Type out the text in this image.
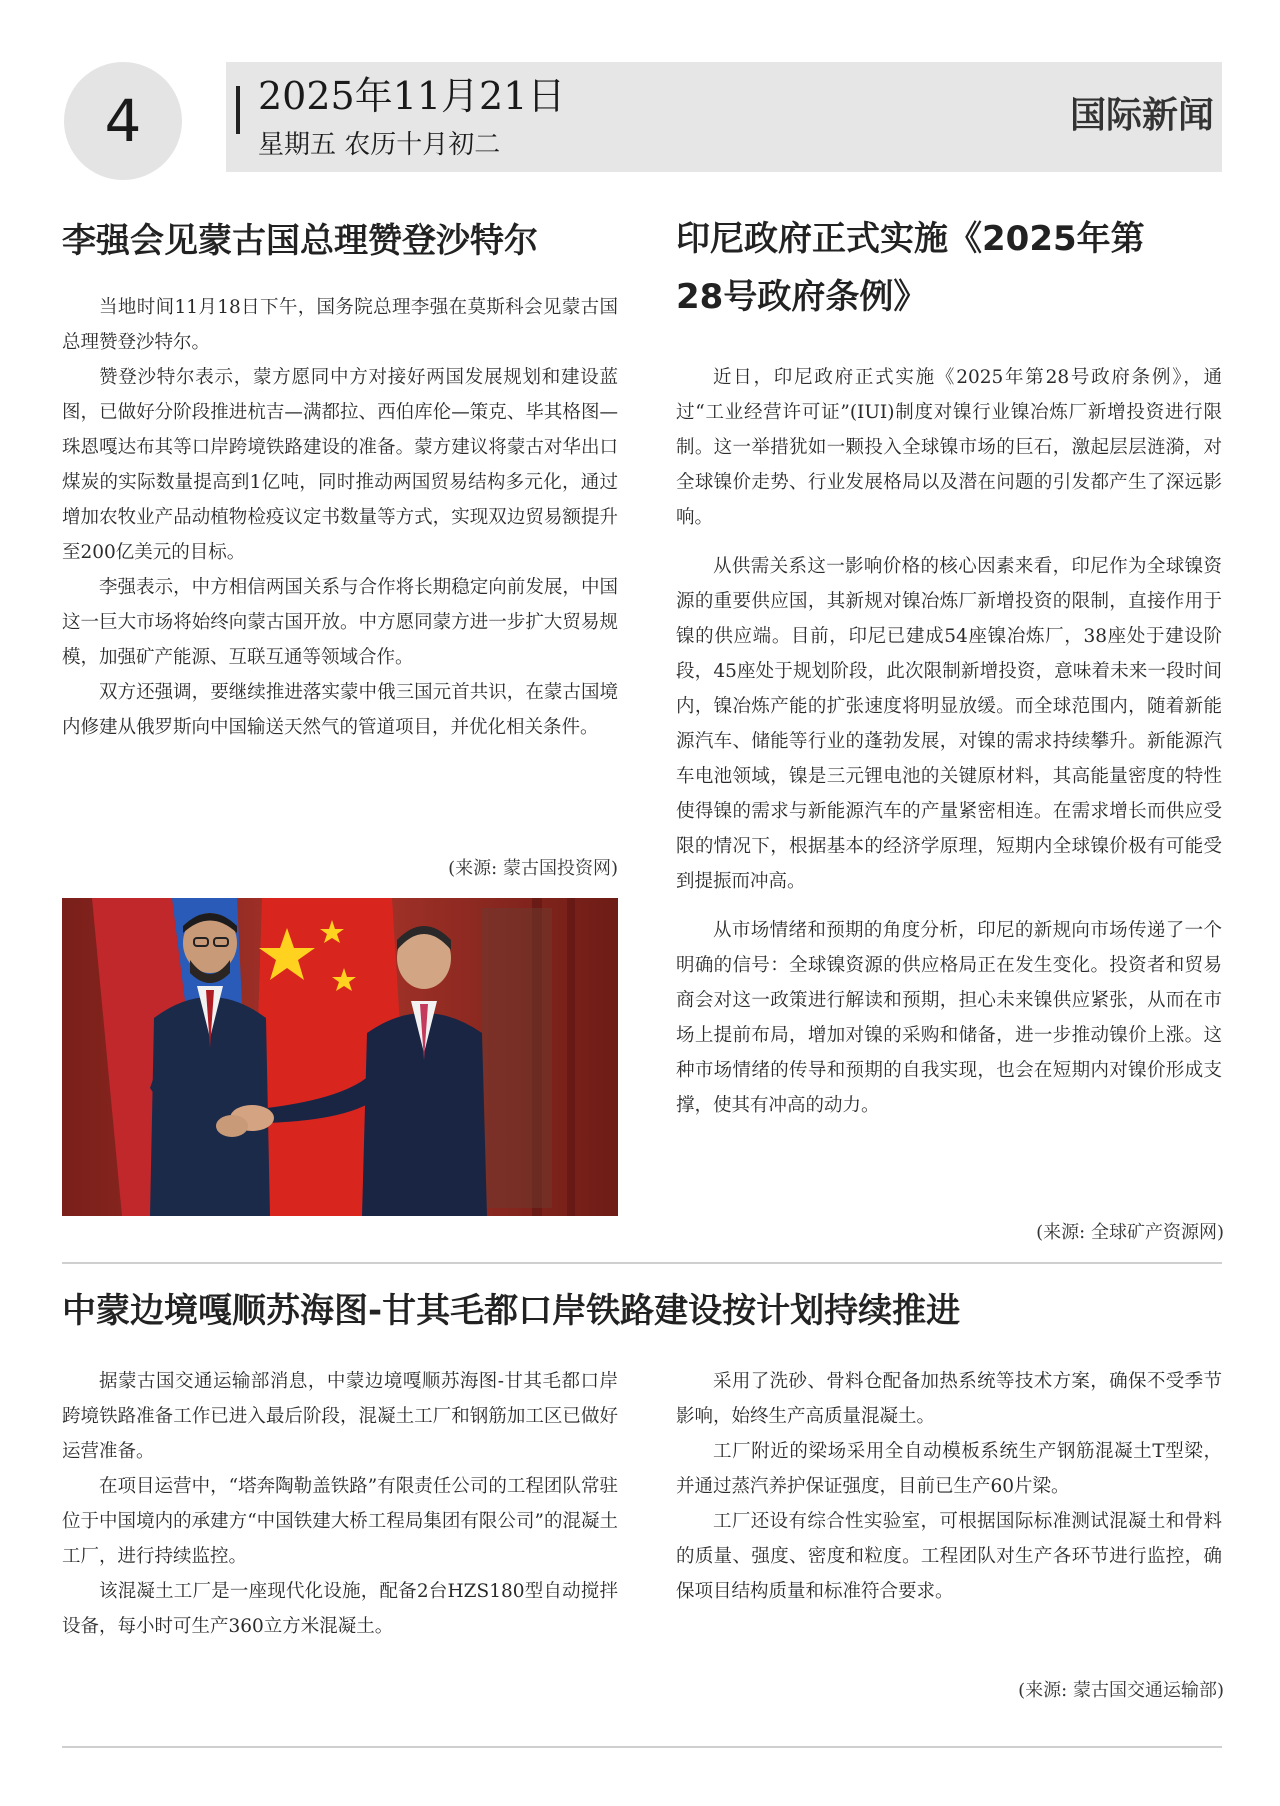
4	2025年11月21日
星期五 农历十月初二
国际新闻
李强会见蒙古国总理赞登沙特尔

当地时间11月18日下午，国务院总理李强在莫斯科会见蒙古国总理赞登沙特尔。

赞登沙特尔表示，蒙方愿同中方对接好两国发展规划和建设蓝图，已做好分阶段推进杭吉—满都拉、西伯库伦—策克、毕其格图—珠恩嘎达布其等口岸跨境铁路建设的准备。蒙方建议将蒙古对华出口煤炭的实际数量提高到1亿吨，同时推动两国贸易结构多元化，通过增加农牧业产品动植物检疫议定书数量等方式，实现双边贸易额提升至200亿美元的目标。

李强表示，中方相信两国关系与合作将长期稳定向前发展，中国这一巨大市场将始终向蒙古国开放。中方愿同蒙方进一步扩大贸易规模，加强矿产能源、互联互通等领域合作。

双方还强调，要继续推进落实蒙中俄三国元首共识，在蒙古国境内修建从俄罗斯向中国输送天然气的管道项目，并优化相关条件。

(来源: 蒙古国投资网)
印尼政府正式实施《2025年第
28号政府条例》

近日，印尼政府正式实施《2025年第28号政府条例》，通过“工业经营许可证”(IUI)制度对镍行业镍冶炼厂新增投资进行限制。这一举措犹如一颗投入全球镍市场的巨石，激起层层涟漪，对全球镍价走势、行业发展格局以及潜在问题的引发都产生了深远影响。

从供需关系这一影响价格的核心因素来看，印尼作为全球镍资源的重要供应国，其新规对镍冶炼厂新增投资的限制，直接作用于镍的供应端。目前，印尼已建成54座镍冶炼厂，38座处于建设阶段，45座处于规划阶段，此次限制新增投资，意味着未来一段时间内，镍冶炼产能的扩张速度将明显放缓。而全球范围内，随着新能源汽车、储能等行业的蓬勃发展，对镍的需求持续攀升。新能源汽车电池领域，镍是三元锂电池的关键原材料，其高能量密度的特性使得镍的需求与新能源汽车的产量紧密相连。在需求增长而供应受限的情况下，根据基本的经济学原理，短期内全球镍价极有可能受到提振而冲高。

从市场情绪和预期的角度分析，印尼的新规向市场传递了一个明确的信号：全球镍资源的供应格局正在发生变化。投资者和贸易商会对这一政策进行解读和预期，担心未来镍供应紧张，从而在市场上提前布局，增加对镍的采购和储备，进一步推动镍价上涨。这种市场情绪的传导和预期的自我实现，也会在短期内对镍价形成支撑，使其有冲高的动力。

(来源: 全球矿产资源网)
中蒙边境嘎顺苏海图-甘其毛都口岸铁路建设按计划持续推进

据蒙古国交通运输部消息，中蒙边境嘎顺苏海图-甘其毛都口岸跨境铁路准备工作已进入最后阶段，混凝土工厂和钢筋加工区已做好运营准备。

在项目运营中，“塔奔陶勒盖铁路”有限责任公司的工程团队常驻位于中国境内的承建方“中国铁建大桥工程局集团有限公司”的混凝土工厂，进行持续监控。

该混凝土工厂是一座现代化设施，配备2台HZS180型自动搅拌设备，每小时可生产360立方米混凝土。

采用了洗砂、骨料仓配备加热系统等技术方案，确保不受季节影响，始终生产高质量混凝土。

工厂附近的梁场采用全自动模板系统生产钢筋混凝土T型梁，并通过蒸汽养护保证强度，目前已生产60片梁。

工厂还设有综合性实验室，可根据国际标准测试混凝土和骨料的质量、强度、密度和粒度。工程团队对生产各环节进行监控，确保项目结构质量和标准符合要求。

(来源: 蒙古国交通运输部)
